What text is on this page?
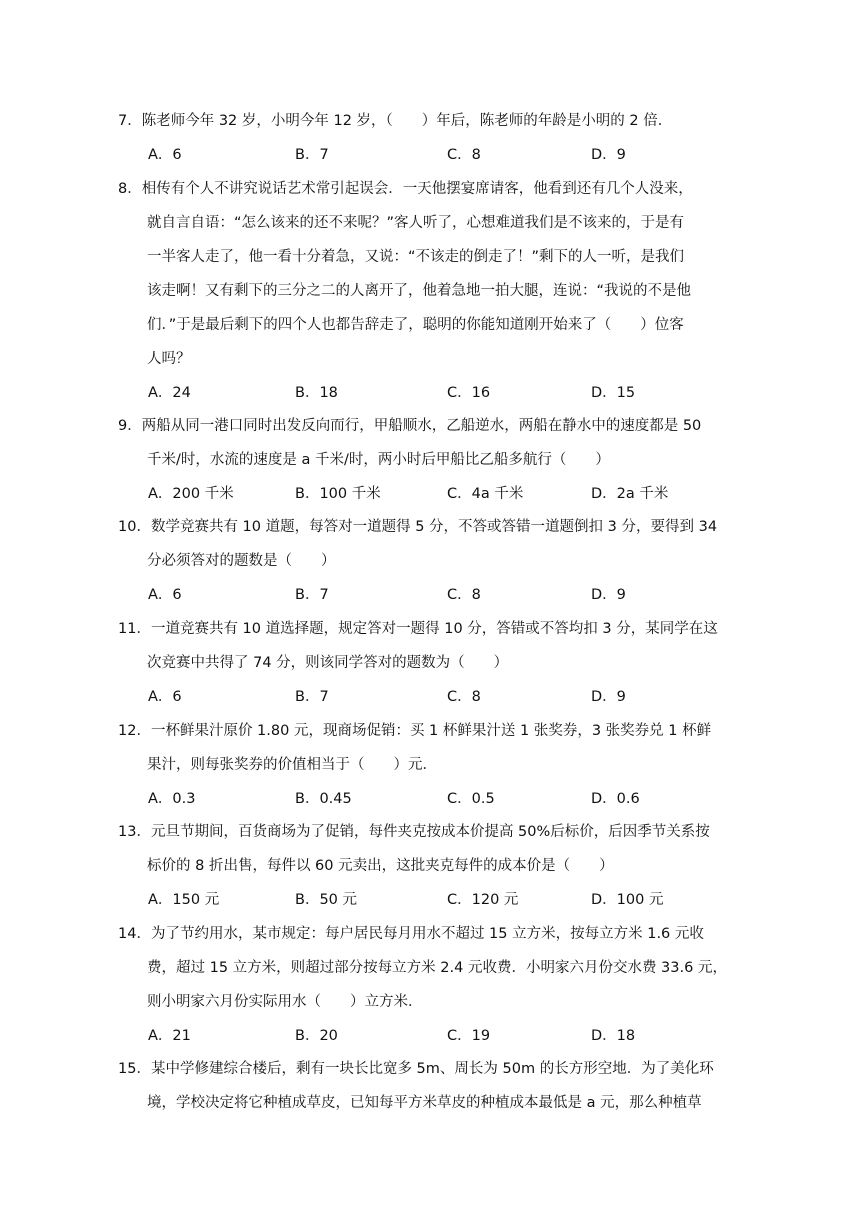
7．陈老师今年 32 岁，小明今年 12 岁，（　　）年后，陈老师的年龄是小明的 2 倍．
A．6	B．7	C．8	D．9
8．相传有个人不讲究说话艺术常引起误会．一天他摆宴席请客，他看到还有几个人没来，
就自言自语：“怎么该来的还不来呢？”客人听了，心想难道我们是不该来的，于是有
一半客人走了，他一看十分着急，又说：“不该走的倒走了！”剩下的人一听，是我们
该走啊！又有剩下的三分之二的人离开了，他着急地一拍大腿，连说：“我说的不是他
们．”于是最后剩下的四个人也都告辞走了，聪明的你能知道刚开始来了（　　）位客
人吗？
A．24	B．18	C．16	D．15
9．两船从同一港口同时出发反向而行，甲船顺水，乙船逆水，两船在静水中的速度都是 50
千米/时，水流的速度是 a 千米/时，两小时后甲船比乙船多航行（　　）
A．200 千米	B．100 千米	C．4a 千米	D．2a 千米
10．数学竞赛共有 10 道题，每答对一道题得 5 分，不答或答错一道题倒扣 3 分，要得到 34
分必须答对的题数是（　　）
A．6	B．7	C．8	D．9
11．一道竞赛共有 10 道选择题，规定答对一题得 10 分，答错或不答均扣 3 分，某同学在这
次竞赛中共得了 74 分，则该同学答对的题数为（　　）
A．6	B．7	C．8	D．9
12．一杯鲜果汁原价 1.80 元，现商场促销：买 1 杯鲜果汁送 1 张奖券，3 张奖券兑 1 杯鲜
果汁，则每张奖券的价值相当于（　　）元．
A．0.3	B．0.45	C．0.5	D．0.6
13．元旦节期间，百货商场为了促销，每件夹克按成本价提高 50%后标价，后因季节关系按
标价的 8 折出售，每件以 60 元卖出，这批夹克每件的成本价是（　　）
A．150 元	B．50 元	C．120 元	D．100 元
14．为了节约用水，某市规定：每户居民每月用水不超过 15 立方米，按每立方米 1.6 元收
费，超过 15 立方米，则超过部分按每立方米 2.4 元收费．小明家六月份交水费 33.6 元，
则小明家六月份实际用水（　　）立方米．
A．21	B．20	C．19	D．18
15．某中学修建综合楼后，剩有一块长比宽多 5m、周长为 50m 的长方形空地．为了美化环
境，学校决定将它种植成草皮，已知每平方米草皮的种植成本最低是 a 元，那么种植草
